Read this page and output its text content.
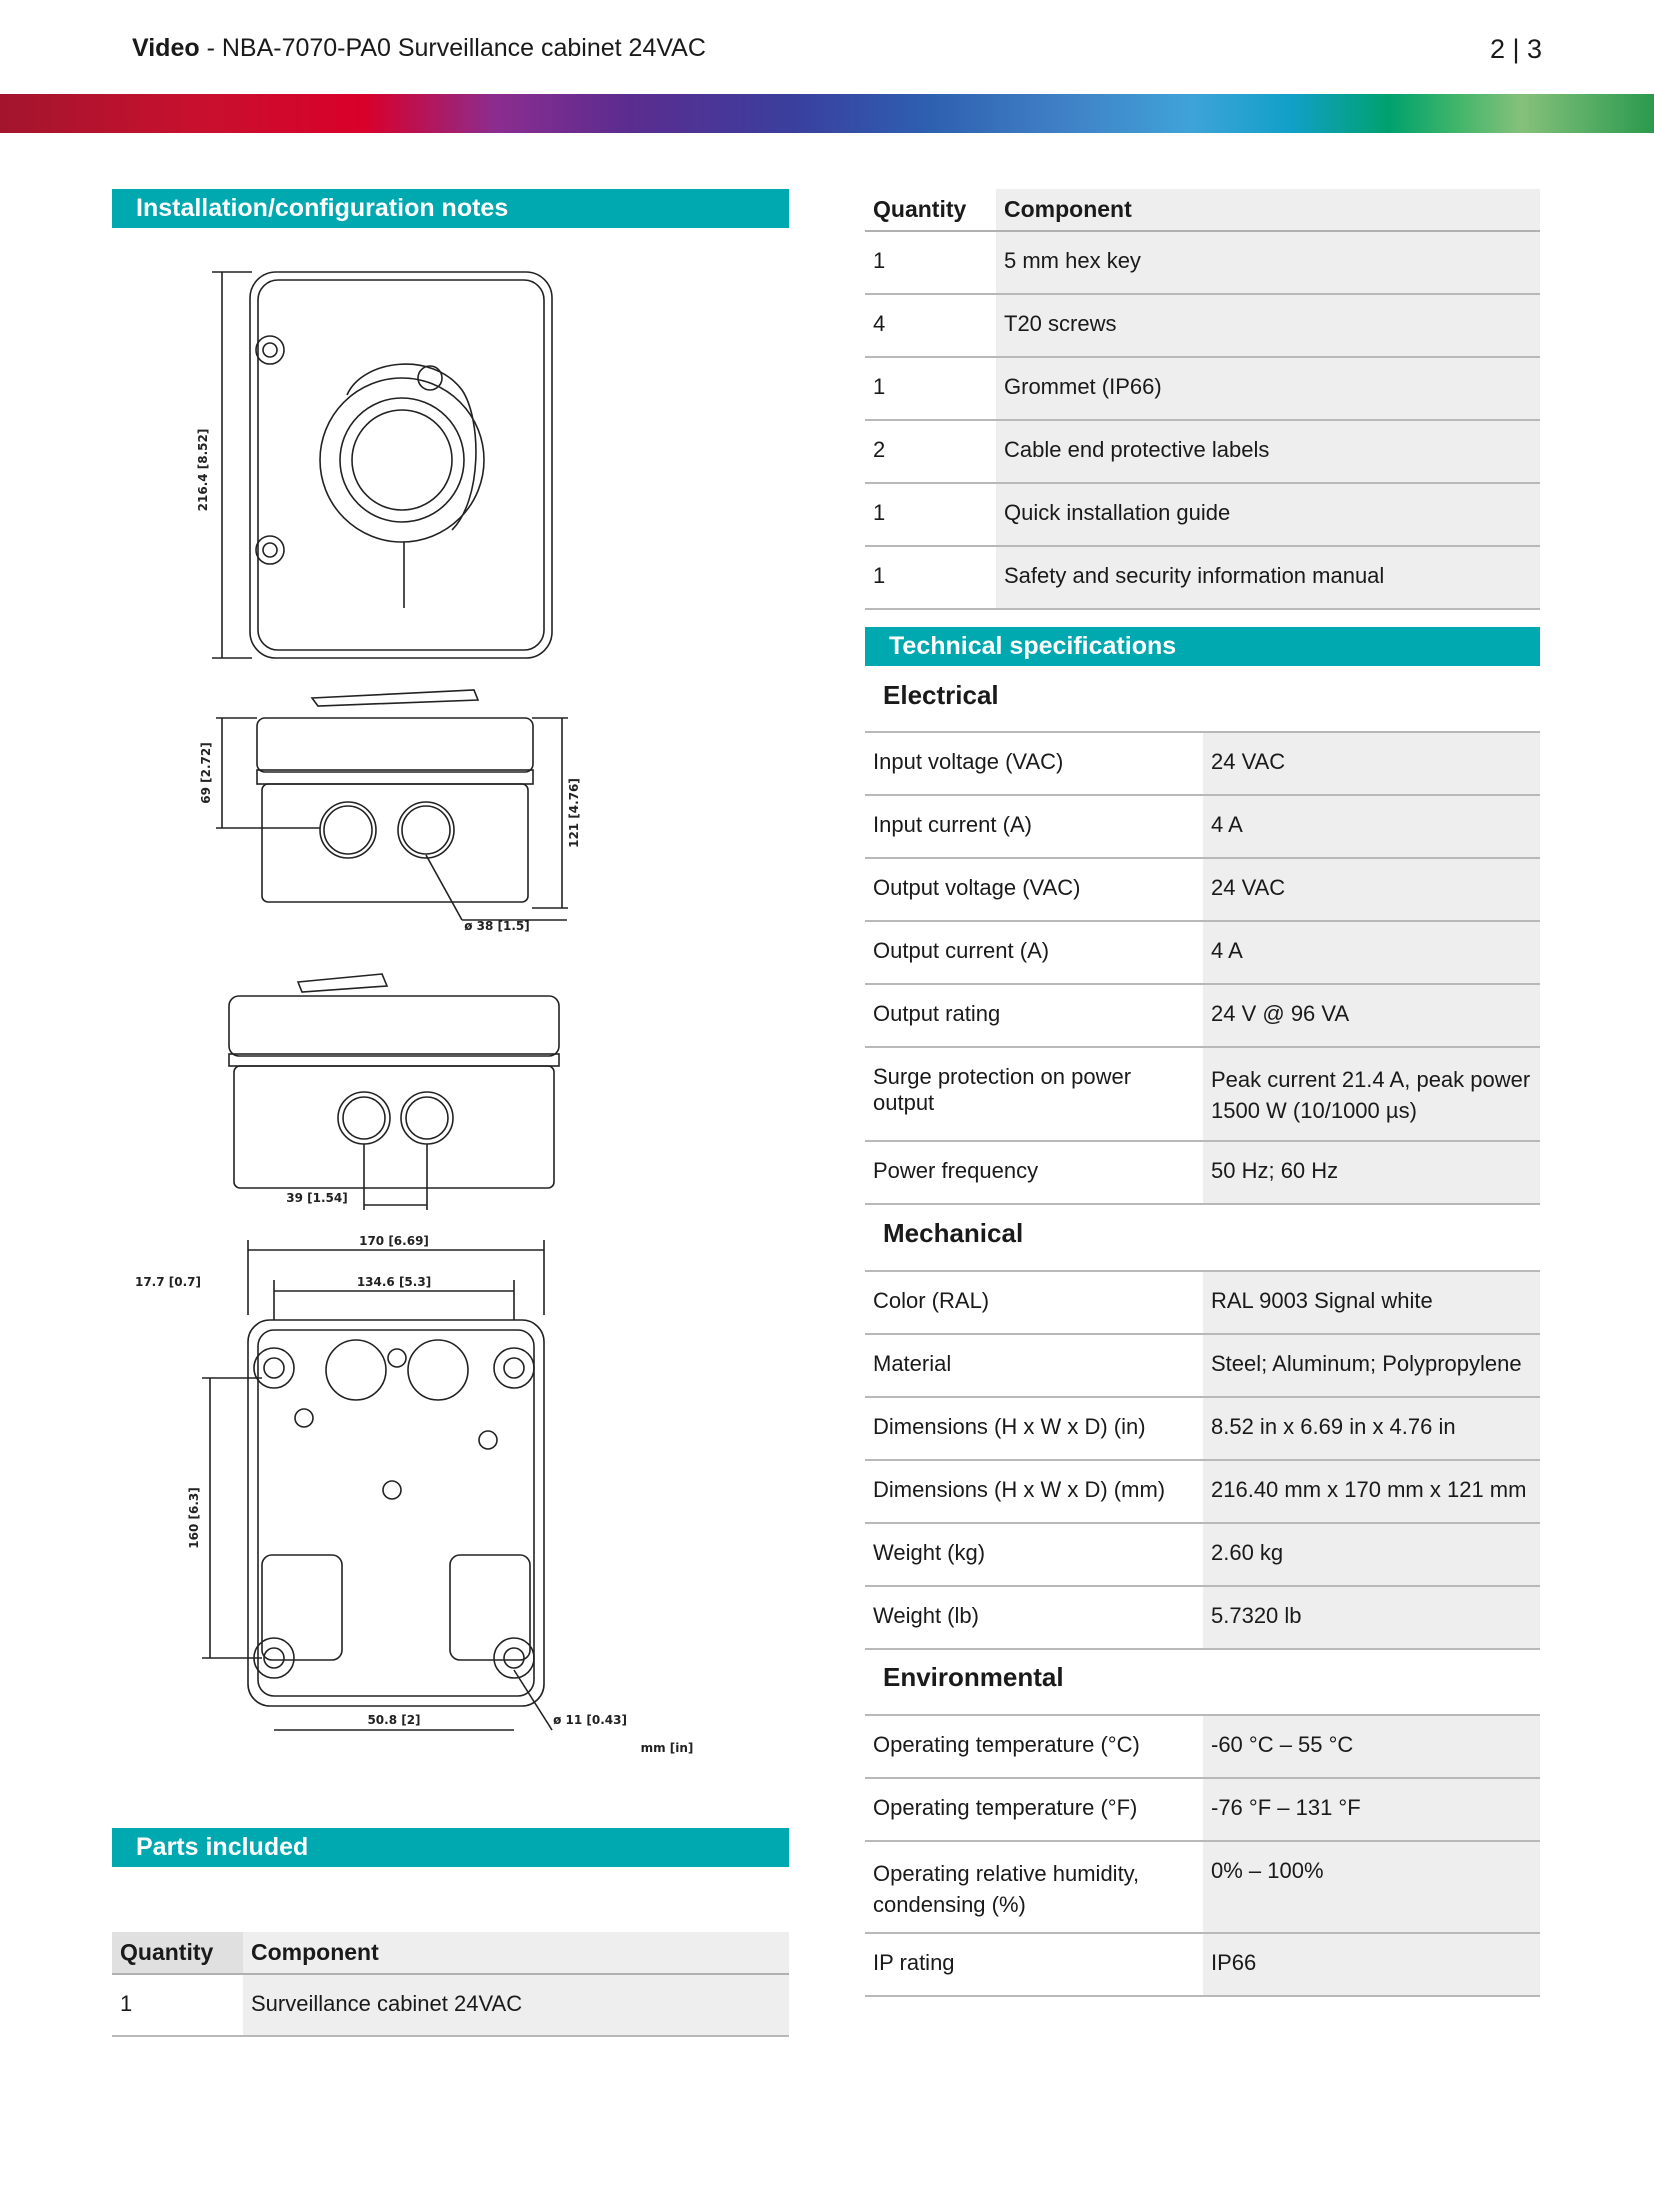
Video - NBA-7070-PA0 Surveillance cabinet 24VAC	2 | 3
Installation/configuration notes
216.4 [8.52]
69 [2.72]
121 [4.76]
ø 38 [1.5]
39 [1.54]
170 [6.69]
134.6 [5.3]
17.7 [0.7]
160 [6.3]
50.8 [2]	ø 11 [0.43]
mm [in]
Parts included
Quantity	Component
1	Surveillance cabinet 24VAC
Quantity	Component
1	5 mm hex key
4	T20 screws
1	Grommet (IP66)
2	Cable end protective labels
1	Quick installation guide
1	Safety and security information manual
Technical specifications
Electrical
Input voltage (VAC)	24 VAC
Input current (A)	4 A
Output voltage (VAC)	24 VAC
Output current (A)	4 A
Output rating	24 V @ 96 VA
Surge protection on power output	Peak current 21.4 A, peak power 1500 W (10/1000 µs)
Power frequency	50 Hz; 60 Hz
Mechanical
Color (RAL)	RAL 9003 Signal white
Material	Steel; Aluminum; Polypropylene
Dimensions (H x W x D) (in)	8.52 in x 6.69 in x 4.76 in
Dimensions (H x W x D) (mm)	216.40 mm x 170 mm x 121 mm
Weight (kg)	2.60 kg
Weight (lb)	5.7320 lb
Environmental
Operating temperature (°C)	-60 °C – 55 °C
Operating temperature (°F)	-76 °F – 131 °F
Operating relative humidity, condensing (%)	0% – 100%
IP rating	IP66
